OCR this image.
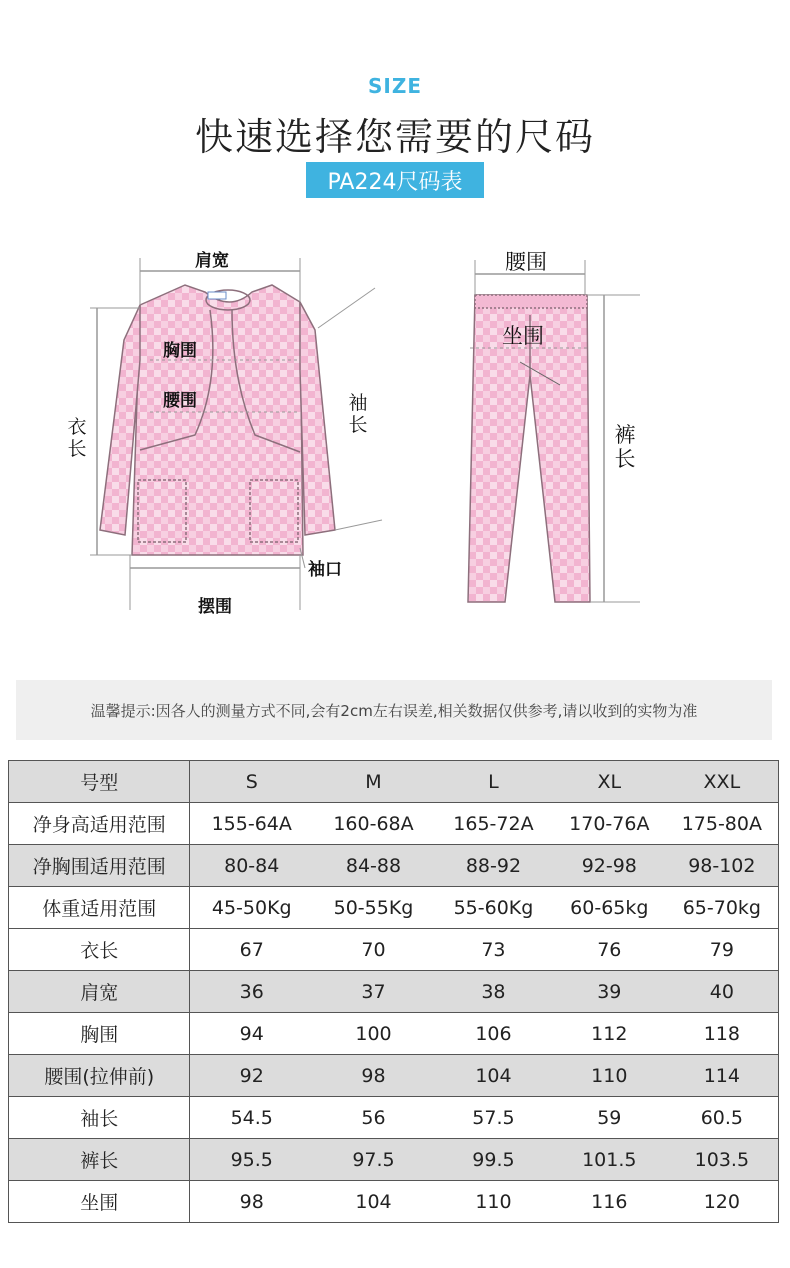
SIZE
快速选择您需要的尺码
PA224尺码表
肩宽
胸围
腰围
衣长
袖长
袖口
摆围
腰围
坐围
裤长
温馨提示:因各人的测量方式不同,会有2cm左右误差,相关数据仅供参考,请以收到的实物为准
号型	S	M	L	XL	XXL
净身高适用范围	155-64A	160-68A	165-72A	170-76A	175-80A
净胸围适用范围	80-84	84-88	88-92	92-98	98-102
体重适用范围	45-50Kg	50-55Kg	55-60Kg	60-65kg	65-70kg
衣长	67	70	73	76	79
肩宽	36	37	38	39	40
胸围	94	100	106	112	118
腰围(拉伸前)	92	98	104	110	114
袖长	54.5	56	57.5	59	60.5
裤长	95.5	97.5	99.5	101.5	103.5
坐围	98	104	110	116	120
